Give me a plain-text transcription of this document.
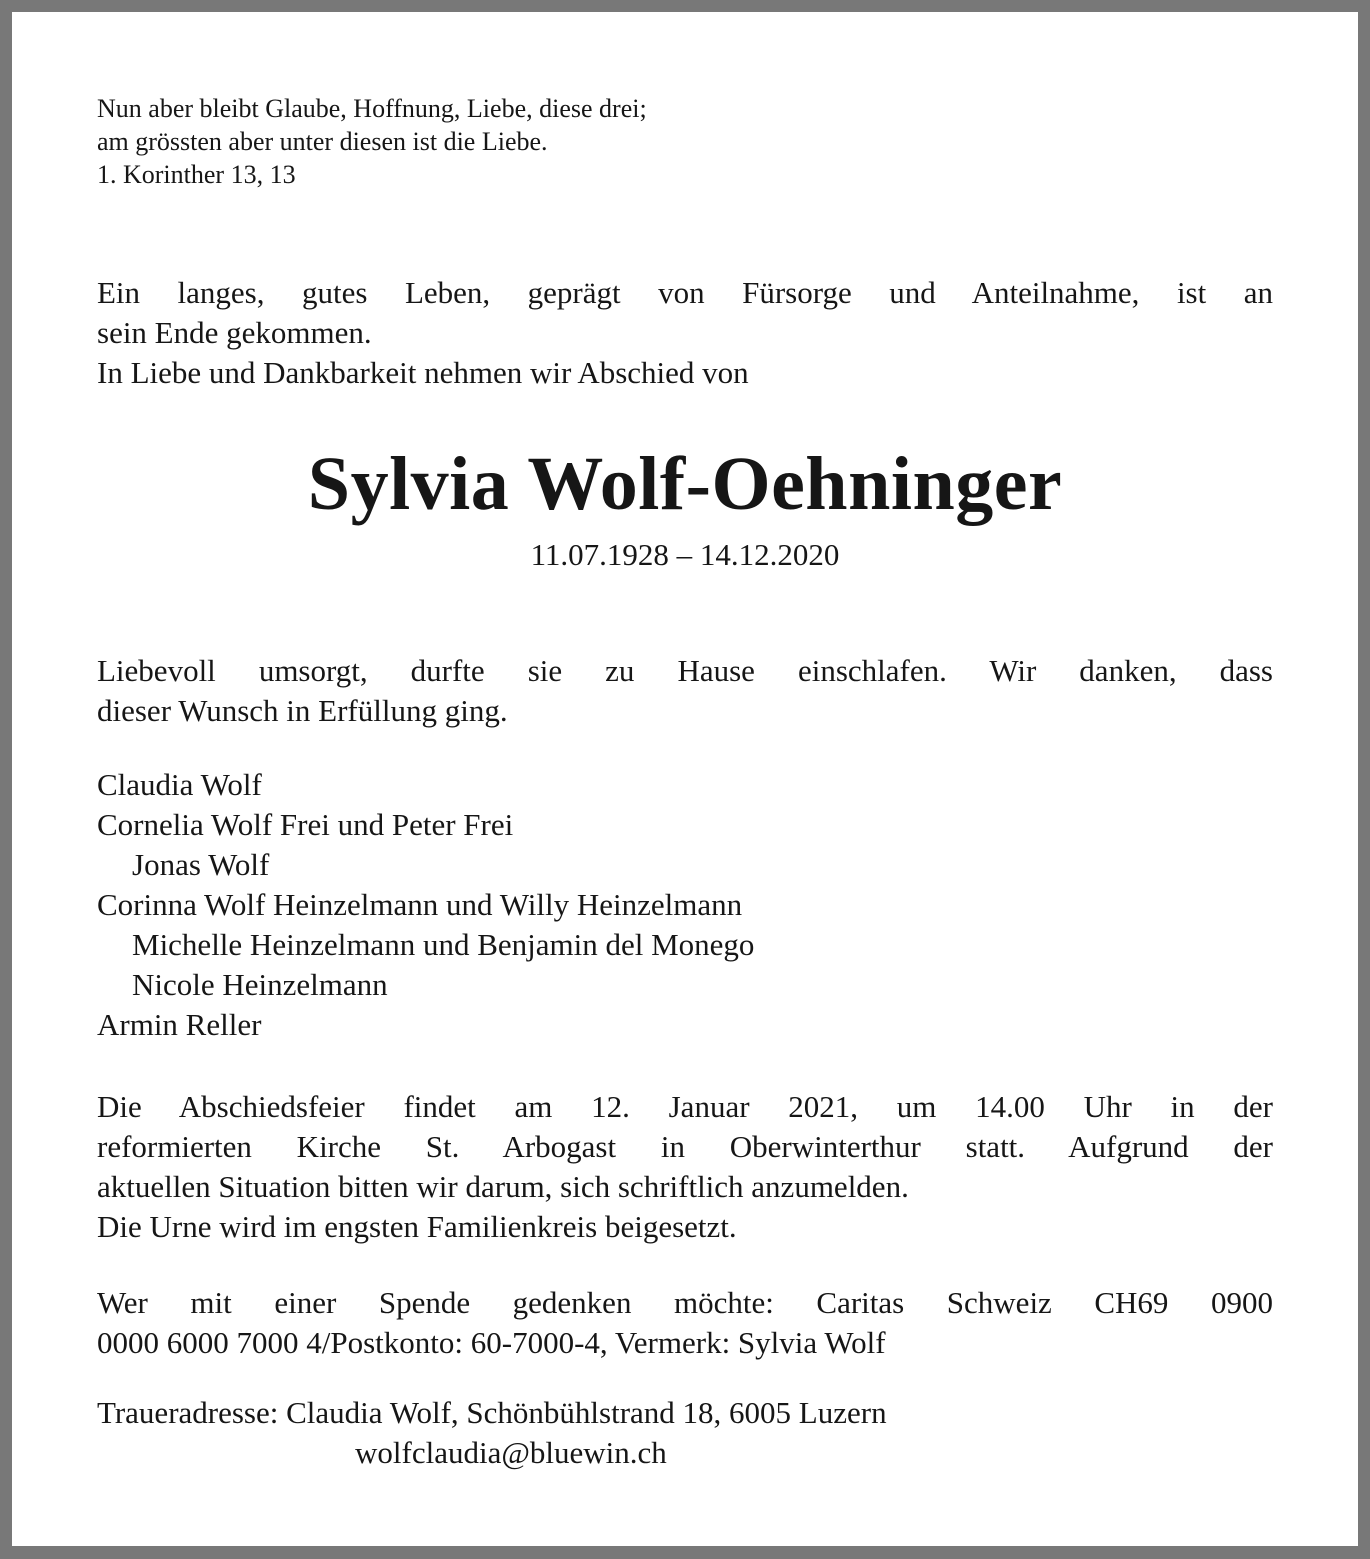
Nun aber bleibt Glaube, Hoffnung, Liebe, diese drei;
am grössten aber unter diesen ist die Liebe.
1. Korinther 13, 13
Ein langes, gutes Leben, geprägt von Fürsorge und Anteilnahme, ist an
sein Ende gekommen.
In Liebe und Dankbarkeit nehmen wir Abschied von
Sylvia Wolf-Oehninger
11.07.1928 – 14.12.2020
Liebevoll umsorgt, durfte sie zu Hause einschlafen. Wir danken, dass
dieser Wunsch in Erfüllung ging.
Claudia Wolf
Cornelia Wolf Frei und Peter Frei
Jonas Wolf
Corinna Wolf Heinzelmann und Willy Heinzelmann
Michelle Heinzelmann und Benjamin del Monego
Nicole Heinzelmann
Armin Reller
Die Abschiedsfeier findet am 12. Januar 2021, um 14.00 Uhr in der
reformierten Kirche St. Arbogast in Oberwinterthur statt. Aufgrund der
aktuellen Situation bitten wir darum, sich schriftlich anzumelden.
Die Urne wird im engsten Familienkreis beigesetzt.
Wer mit einer Spende gedenken möchte: Caritas Schweiz CH69 0900
0000 6000 7000 4/Postkonto: 60-7000-4, Vermerk: Sylvia Wolf
Traueradresse: Claudia Wolf, Schönbühlstrand 18, 6005 Luzern
wolfclaudia@bluewin.ch
